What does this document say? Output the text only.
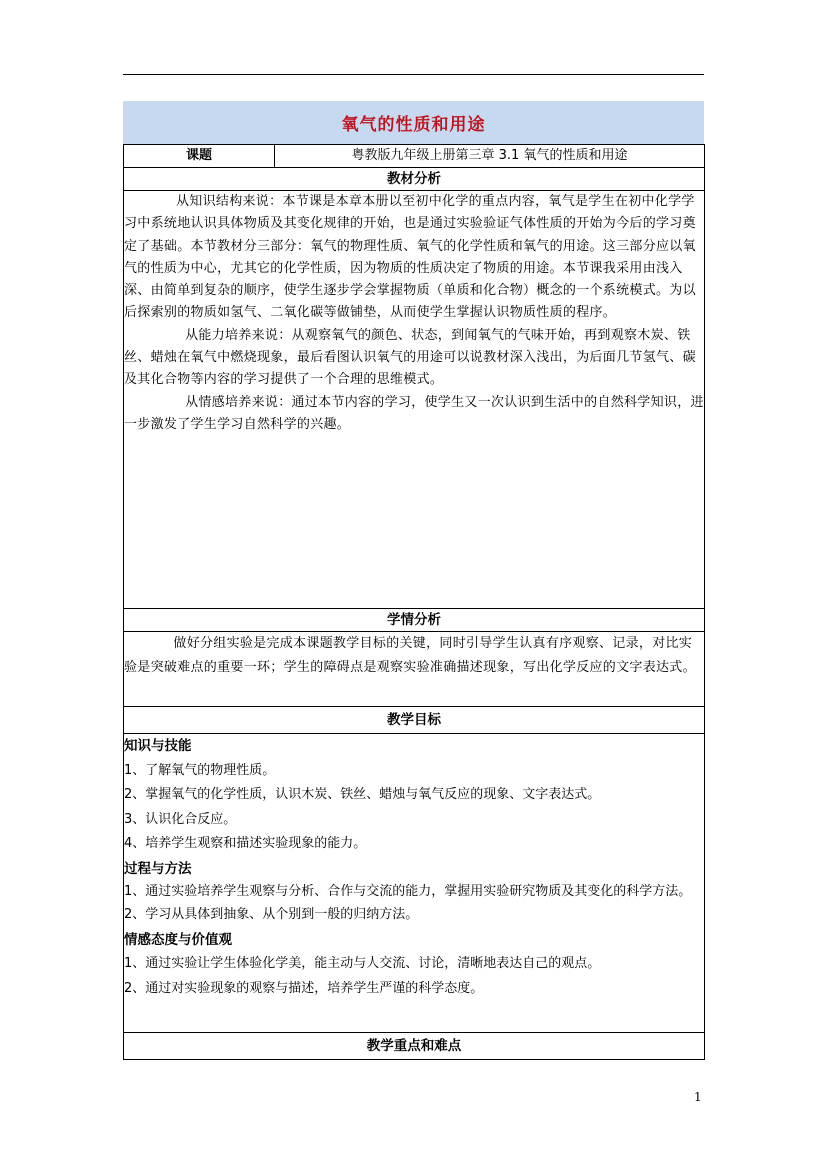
氧气的性质和用途
课题	粤教版九年级上册第三章 3.1 氧气的性质和用途
教材分析

从知识结构来说：本节课是本章本册以至初中化学的重点内容，氧气是学生在初中化学学习中系统地认识具体物质及其变化规律的开始，也是通过实验验证气体性质的开始为今后的学习奠定了基础。本节教材分三部分：氧气的物理性质、氧气的化学性质和氧气的用途。这三部分应以氧气的性质为中心，尤其它的化学性质，因为物质的性质决定了物质的用途。本节课我采用由浅入深、由简单到复杂的顺序，使学生逐步学会掌握物质（单质和化合物）概念的一个系统模式。为以后探索别的物质如氢气、二氧化碳等做铺垫，从而使学生掌握认识物质性质的程序。

从能力培养来说：从观察氧气的颜色、状态，到闻氧气的气味开始，再到观察木炭、铁丝、蜡烛在氧气中燃烧现象，最后看图认识氧气的用途可以说教材深入浅出，为后面几节氢气、碳及其化合物等内容的学习提供了一个合理的思维模式。

从情感培养来说：通过本节内容的学习，使学生又一次认识到生活中的自然科学知识，进一步激发了学生学习自然科学的兴趣。

学情分析

做好分组实验是完成本课题教学目标的关键，同时引导学生认真有序观察、记录，对比实验是突破难点的重要一环；学生的障碍点是观察实验准确描述现象，写出化学反应的文字表达式。

教学目标

知识与技能

1、了解氧气的物理性质。

2、掌握氧气的化学性质，认识木炭、铁丝、蜡烛与氧气反应的现象、文字表达式。

3、认识化合反应。

4、培养学生观察和描述实验现象的能力。

过程与方法

1、通过实验培养学生观察与分析、合作与交流的能力，掌握用实验研究物质及其变化的科学方法。

2、学习从具体到抽象、从个别到一般的归纳方法。

情感态度与价值观

1、通过实验让学生体验化学美，能主动与人交流、讨论，清晰地表达自己的观点。

2、通过对实验现象的观察与描述，培养学生严谨的科学态度。

教学重点和难点
1
